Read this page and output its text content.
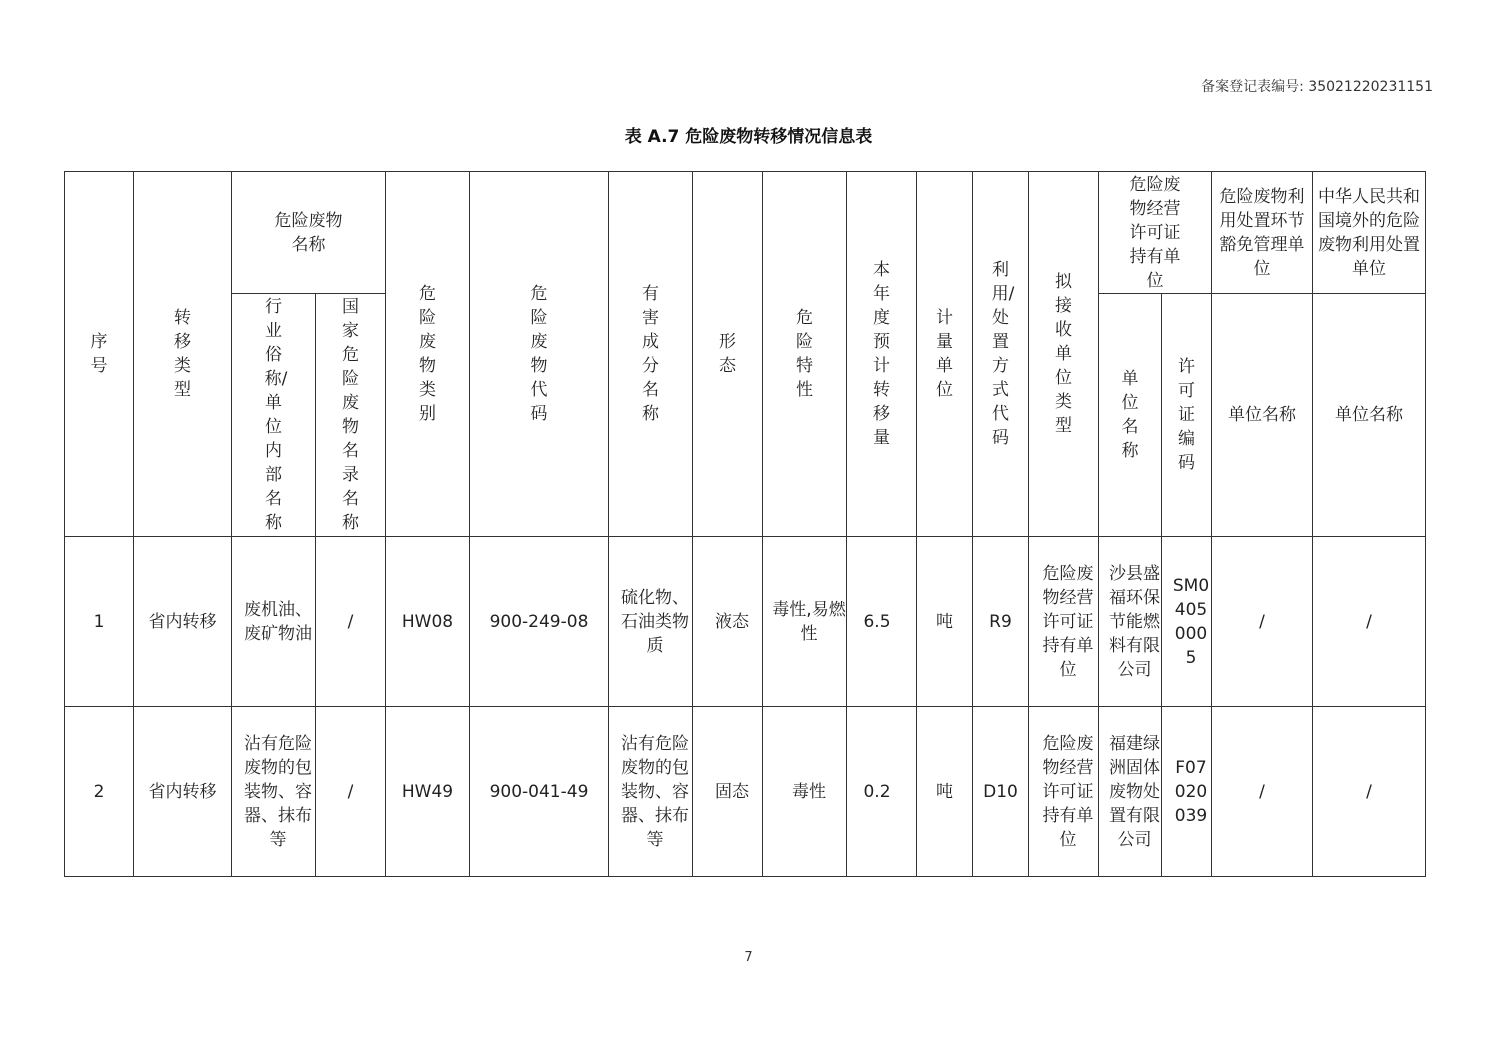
备案登记表编号: 35021220231151
表 A.7 危险废物转移情况信息表
序号	转移类型	危险废物名称		危险废物类别	危险废物代码	有害成分名称	形态	危险特性	本年度预计转移量	计量单位	利用/处置方式代码	拟接收单位类型	危险废物经营许可证持有单位		危险废物利用处置环节豁免管理单位	中华人民共和国境外的危险废物利用处置单位

		行业俗称/单位内部名称	国家危险废物名录名称										单位名称	许可证编码	单位名称	单位名称
1	省内转移	废机油、废矿物油	/	HW08	900-249-08	硫化物、石油类物质	液态	毒性,易燃性	6.5	吨	R9	危险废物经营许可证持有单位	沙县盛福环保节能燃料有限公司	SM04050005	/	/
2	省内转移	沾有危险废物的包装物、容器、抹布等	/	HW49	900-041-49	沾有危险废物的包装物、容器、抹布等	固态	毒性	0.2	吨	D10	危险废物经营许可证持有单位	福建绿洲固体废物处置有限公司	F07020039	/	/
7
